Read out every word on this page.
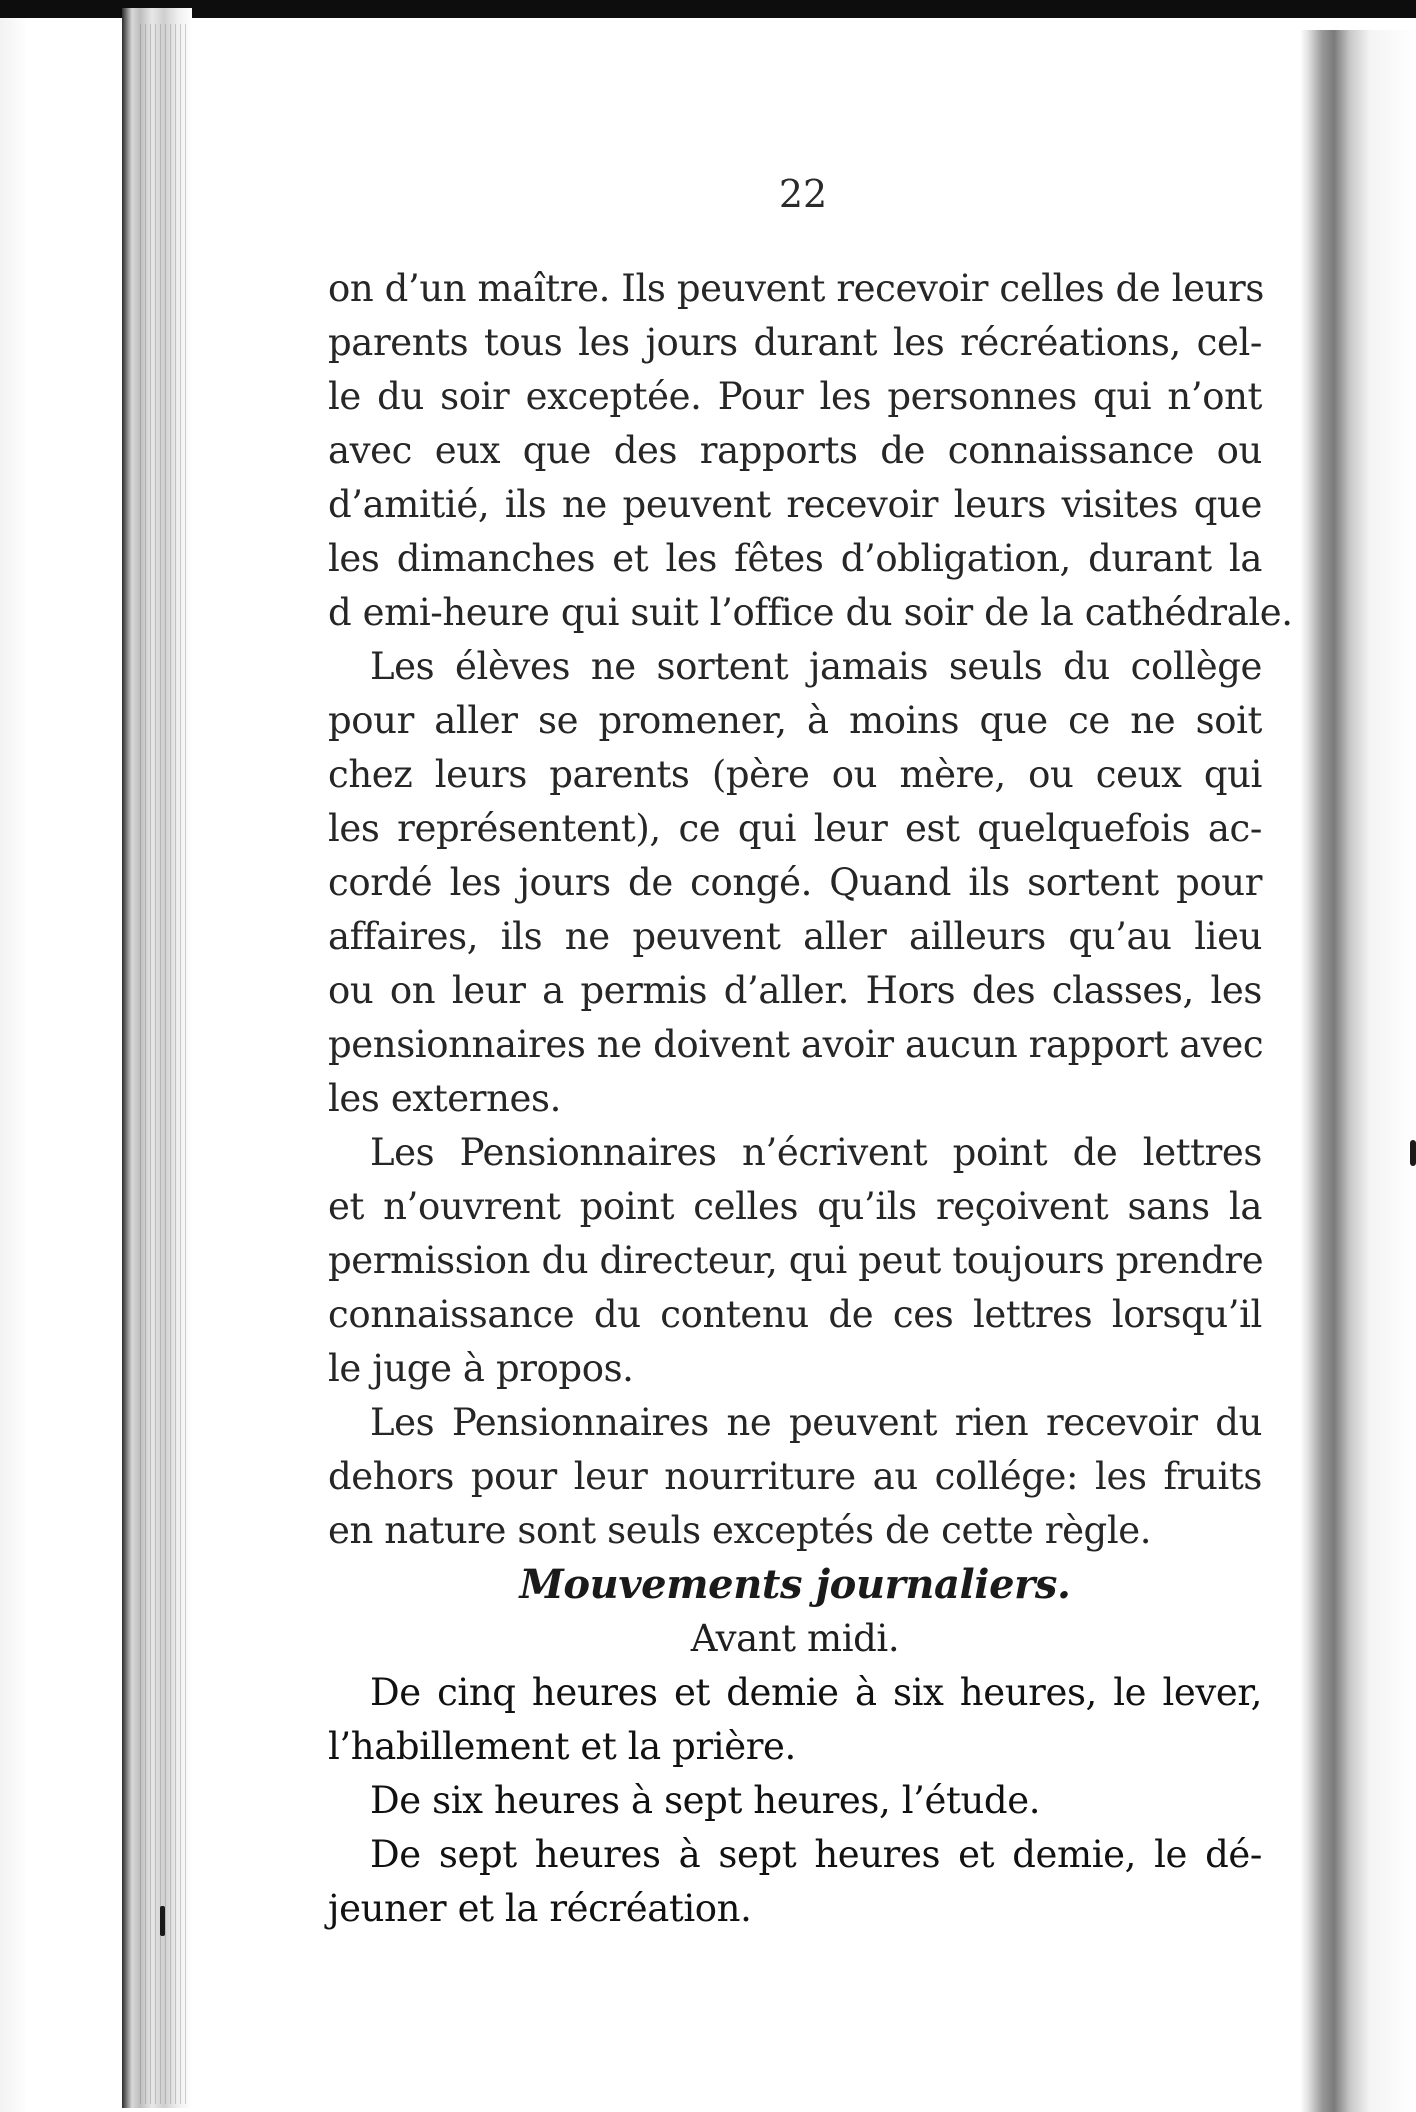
22
on d’un maître. Ils peuvent recevoir celles de leurs
parents tous les jours durant les récréations, cel-
le du soir exceptée. Pour les personnes qui n’ont
avec eux que des rapports de connaissance ou
d’amitié, ils ne peuvent recevoir leurs visites que
les dimanches et les fêtes d’obligation, durant la
d emi-heure qui suit l’office du soir de la cathédrale.
Les élèves ne sortent jamais seuls du collège
pour aller se promener, à moins que ce ne soit
chez leurs parents (père ou mère, ou ceux qui
les représentent), ce qui leur est quelquefois ac-
cordé les jours de congé. Quand ils sortent pour
affaires, ils ne peuvent aller ailleurs qu’au lieu
ou on leur a permis d’aller. Hors des classes, les
pensionnaires ne doivent avoir aucun rapport avec
les externes.
Les Pensionnaires n’écrivent point de lettres
et n’ouvrent point celles qu’ils reçoivent sans la
permission du directeur, qui peut toujours prendre
connaissance du contenu de ces lettres lorsqu’il
le juge à propos.
Les Pensionnaires ne peuvent rien recevoir du
dehors pour leur nourriture au collége: les fruits
en nature sont seuls exceptés de cette règle.
Mouvements journaliers.
Avant midi.
De cinq heures et demie à six heures, le lever,
l’habillement et la prière.
De six heures à sept heures, l’étude.
De sept heures à sept heures et demie, le dé-
jeuner et la récréation.
